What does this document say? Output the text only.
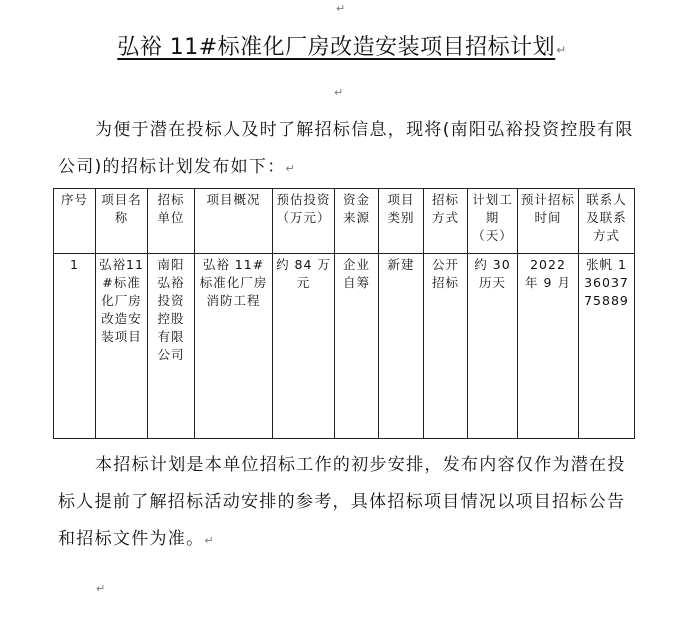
↵
弘裕 11#标准化厂房改造安装项目招标计划↵
↵
为便于潜在投标人及时了解招标信息，现将(南阳弘裕投资控股有限公司)的招标计划发布如下：↵
序号	项目名称	招标单位	项目概况	预估投资（万元）	资金来源	项目类别	招标方式	计划工期（天）	预计招标时间	联系人及联系方式
1	弘裕11#标准化厂房改造安装项目	南阳弘裕投资控股有限公司	弘裕 11#标准化厂房消防工程	约 84 万元	企业自筹	新建	公开招标	约 30 历天	2022 年 9 月	张帆 13603775889
本招标计划是本单位招标工作的初步安排，发布内容仅作为潜在投标人提前了解招标活动安排的参考，具体招标项目情况以项目招标公告和招标文件为准。↵
↵
